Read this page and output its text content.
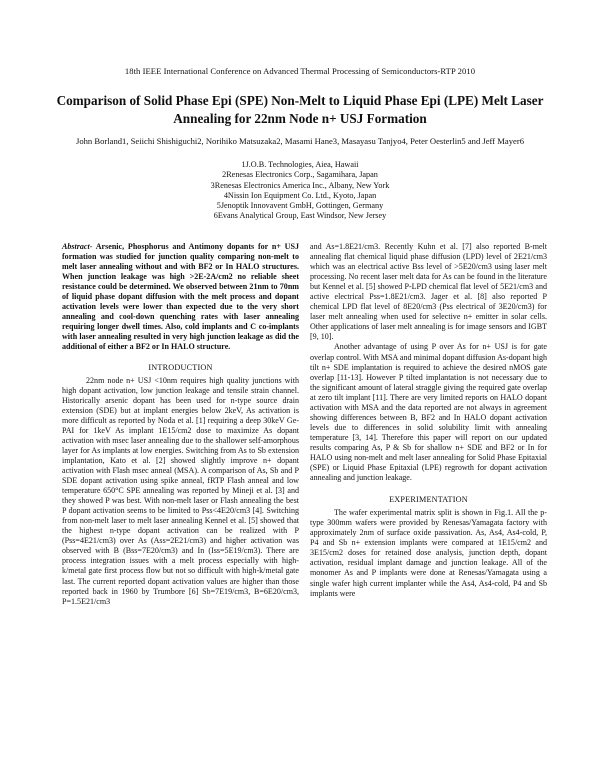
18th IEEE International Conference on Advanced Thermal Processing of Semiconductors-RTP 2010
Comparison of Solid Phase Epi (SPE) Non-Melt to Liquid Phase Epi (LPE) Melt Laser
Annealing for 22nm Node n+ USJ Formation
John Borland1, Seiichi Shishiguchi2, Norihiko Matsuzaka2, Masami Hane3, Masayasu Tanjyo4, Peter Oesterlin5 and Jeff Mayer6
1J.O.B. Technologies, Aiea, Hawaii
2Renesas Electronics Corp., Sagamihara, Japan
3Renesas Electronics America Inc., Albany, New York
4Nissin Ion Equipment Co. Ltd., Kyoto, Japan
5Jenoptik Innovavent GmbH, Gottingen, Germany
6Evans Analytical Group, East Windsor, New Jersey

Abstract- Arsenic, Phosphorus and Antimony dopants for n+ USJ formation was studied for junction quality comparing non-melt to melt laser annealing without and with BF2 or In HALO structures. When junction leakage was high >2E-2A/cm2 no reliable sheet resistance could be determined. We observed between 21nm to 70nm of liquid phase dopant diffusion with the melt process and dopant activation levels were lower than expected due to the very short annealing and cool-down quenching rates with laser annealing requiring longer dwell times. Also, cold implants and C co-implants with laser annealing resulted in very high junction leakage as did the additional of either a BF2 or In HALO structure.

INTRODUCTION

22nm node n+ USJ <10nm requires high quality junctions with high dopant activation, low junction leakage and tensile strain channel. Historically arsenic dopant has been used for n-type source drain extension (SDE) but at implant energies below 2keV, As activation is more difficult as reported by Noda et al. [1] requiring a deep 30keV Ge-PAI for 1keV As implant 1E15/cm2 dose to maximize As dopant activation with msec laser annealing due to the shallower self-amorphous layer for As implants at low energies. Switching from As to Sb extension implantation, Kato et al. [2] showed slightly improve n+ dopant activation with Flash msec anneal (MSA). A comparison of As, Sb and P SDE dopant activation using spike anneal, fRTP Flash anneal and low temperature 650°C SPE annealing was reported by Mineji et al. [3] and they showed P was best. With non-melt laser or Flash annealing the best P dopant activation seems to be limited to Pss<4E20/cm3 [4]. Switching from non-melt laser to melt laser annealing Kennel et al. [5] showed that the highest n-type dopant activation can be realized with P (Pss=4E21/cm3) over As (Ass=2E21/cm3) and higher activation was observed with B (Bss=7E20/cm3) and In (Iss=5E19/cm3). There are process integration issues with a melt process especially with high-k/metal gate first process flow but not so difficult with high-k/metal gate last. The current reported dopant activation values are higher than those reported back in 1960 by Trumbore [6] Sb=7E19/cm3, B=6E20/cm3, P=1.5E21/cm3

and As=1.8E21/cm3. Recently Kuhn et al. [7] also reported B-melt annealing flat chemical liquid phase diffusion (LPD) level of 2E21/cm3 which was an electrical active Bss level of >5E20/cm3 using laser melt processing. No recent laser melt data for As can be found in the literature but Kennel et al. [5] showed P-LPD chemical flat level of 5E21/cm3 and active electrical Pss=1.8E21/cm3. Jager et al. [8] also reported P chemical LPD flat level of 8E20/cm3 (Pss electrical of 3E20/cm3) for laser melt annealing when used for selective n+ emitter in solar cells. Other applications of laser melt annealing is for image sensors and IGBT [9, 10].

Another advantage of using P over As for n+ USJ is for gate overlap control. With MSA and minimal dopant diffusion As-dopant high tilt n+ SDE implantation is required to achieve the desired nMOS gate overlap [11-13]. However P tilted implantation is not necessary due to the significant amount of lateral straggle giving the required gate overlap at zero tilt implant [11]. There are very limited reports on HALO dopant activation with MSA and the data reported are not always in agreement showing differences between B, BF2 and In HALO dopant activation levels due to differences in solid solubility limit with annealing temperature [3, 14]. Therefore this paper will report on our updated results comparing As, P & Sb for shallow n+ SDE and BF2 or In for HALO using non-melt and melt laser annealing for Solid Phase Epitaxial (SPE) or Liquid Phase Epitaxial (LPE) regrowth for dopant activation annealing and junction leakage.

EXPERIMENTATION

The wafer experimental matrix split is shown in Fig.1. All the p-type 300mm wafers were provided by Renesas/Yamagata factory with approximately 2nm of surface oxide passivation. As, As4, As4-cold, P, P4 and Sb n+ extension implants were compared at 1E15/cm2 and 3E15/cm2 doses for retained dose analysis, junction depth, dopant activation, residual implant damage and junction leakage. All of the monomer As and P implants were done at Renesas/Yamagata using a single wafer high current implanter while the As4, As4-cold, P4 and Sb implants were
